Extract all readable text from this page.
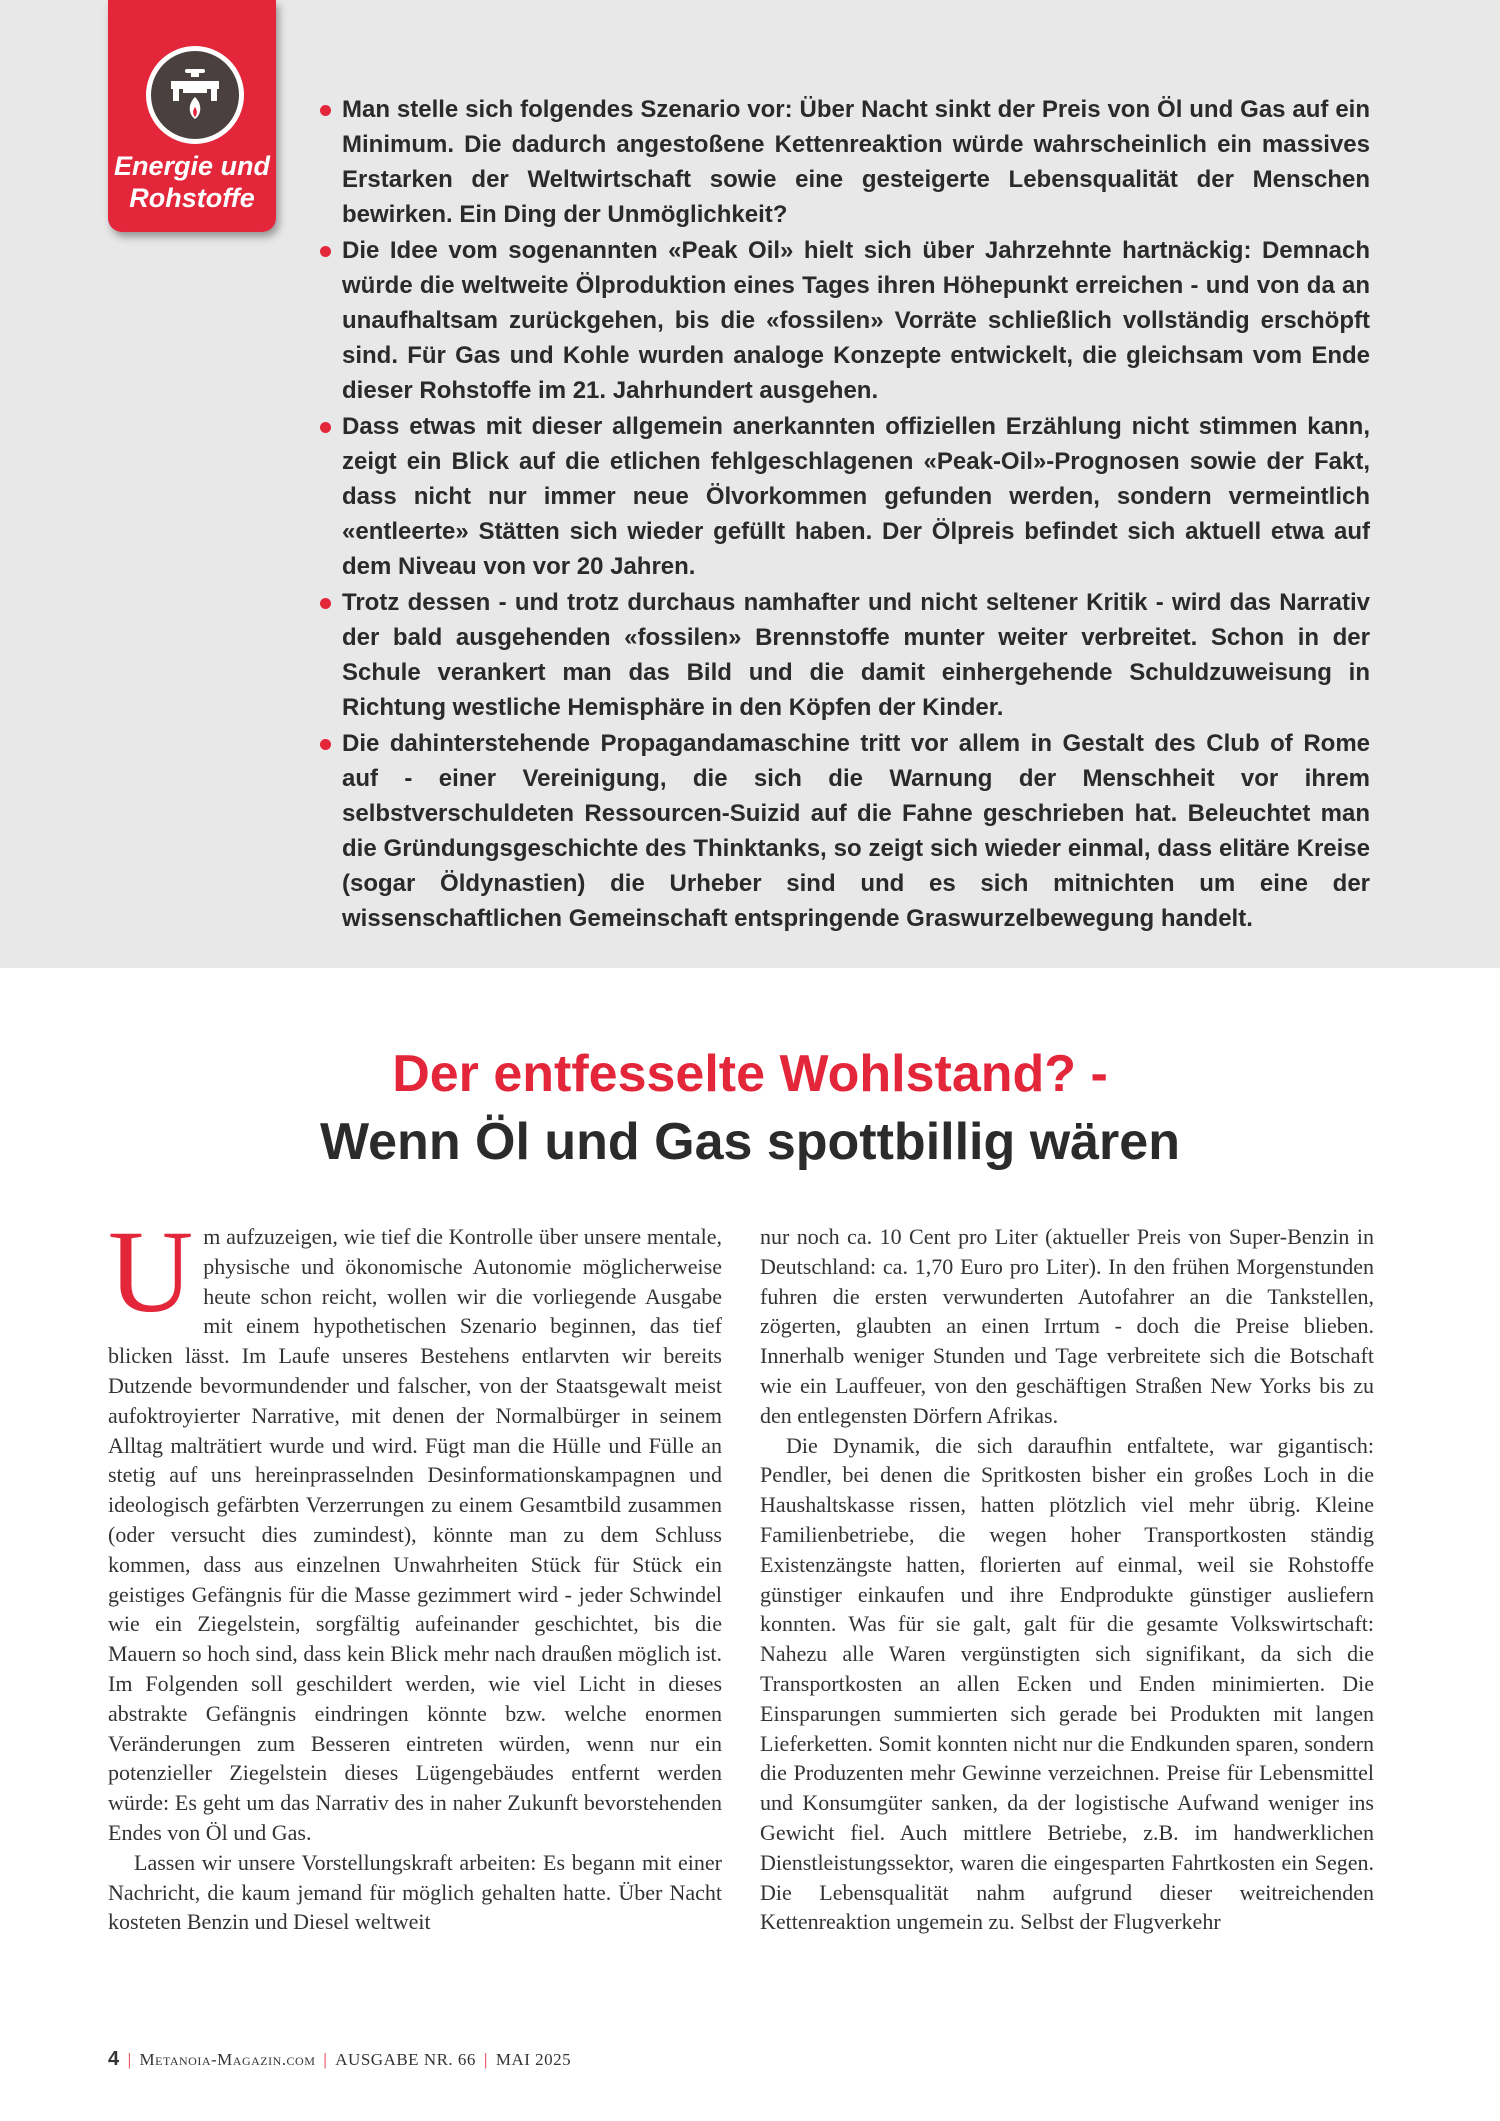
Energie und
Rohstoffe
Man stelle sich folgendes Szenario vor: Über Nacht sinkt der Preis von Öl und Gas auf ein Minimum. Die dadurch angestoßene Kettenreaktion würde wahrscheinlich ein massives Erstarken der Weltwirtschaft sowie eine gesteigerte Lebensqualität der Menschen bewirken. Ein Ding der Unmöglichkeit?
Die Idee vom sogenannten «Peak Oil» hielt sich über Jahrzehnte hartnäckig: Demnach würde die weltweite Ölproduktion eines Tages ihren Höhepunkt erreichen - und von da an unaufhaltsam zurückgehen, bis die «fossilen» Vorräte schließlich vollständig erschöpft sind. Für Gas und Kohle wurden analoge Konzepte entwickelt, die gleichsam vom Ende dieser Rohstoffe im 21. Jahrhundert ausgehen.
Dass etwas mit dieser allgemein anerkannten offiziellen Erzählung nicht stimmen kann, zeigt ein Blick auf die etlichen fehlgeschlagenen «Peak-Oil»-Prognosen sowie der Fakt, dass nicht nur immer neue Ölvorkommen gefunden werden, sondern vermeintlich «entleerte» Stätten sich wieder gefüllt haben. Der Ölpreis befindet sich aktuell etwa auf dem Niveau von vor 20 Jahren.
Trotz dessen - und trotz durchaus namhafter und nicht seltener Kritik - wird das Narrativ der bald ausgehenden «fossilen» Brennstoffe munter weiter verbreitet. Schon in der Schule verankert man das Bild und die damit einhergehende Schuldzuweisung in Richtung westliche Hemisphäre in den Köpfen der Kinder.
Die dahinterstehende Propagandamaschine tritt vor allem in Gestalt des Club of Rome auf - einer Vereinigung, die sich die Warnung der Menschheit vor ihrem selbstverschuldeten Ressourcen-Suizid auf die Fahne geschrieben hat. Beleuchtet man die Gründungsgeschichte des Thinktanks, so zeigt sich wieder einmal, dass elitäre Kreise (sogar Öldynastien) die Urheber sind und es sich mitnichten um eine der wissenschaftlichen Gemeinschaft entspringende Graswurzelbewegung handelt.
Der entfesselte Wohlstand? -
Wenn Öl und Gas spottbillig wären

Um aufzuzeigen, wie tief die Kontrolle über unsere mentale, physische und ökonomische Autonomie möglicherweise heute schon reicht, wollen wir die vorliegende Ausgabe mit einem hypothetischen Szenario beginnen, das tief blicken lässt. Im Laufe unseres Bestehens entlarvten wir bereits Dutzende bevormundender und falscher, von der Staatsgewalt meist aufoktroyierter Narrative, mit denen der Normalbürger in seinem Alltag malträtiert wurde und wird. Fügt man die Hülle und Fülle an stetig auf uns hereinprasselnden Desinformationskampagnen und ideologisch gefärbten Verzerrungen zu einem Gesamtbild zusammen (oder versucht dies zumindest), könnte man zu dem Schluss kommen, dass aus einzelnen Unwahrheiten Stück für Stück ein geistiges Gefängnis für die Masse gezimmert wird - jeder Schwindel wie ein Ziegelstein, sorgfältig aufeinander geschichtet, bis die Mauern so hoch sind, dass kein Blick mehr nach draußen möglich ist. Im Folgenden soll geschildert werden, wie viel Licht in dieses abstrakte Gefängnis eindringen könnte bzw. welche enormen Veränderungen zum Besseren eintreten würden, wenn nur ein potenzieller Ziegelstein dieses Lügengebäudes entfernt werden würde: Es geht um das Narrativ des in naher Zukunft bevorstehenden Endes von Öl und Gas.

Lassen wir unsere Vorstellungskraft arbeiten: Es begann mit einer Nachricht, die kaum jemand für möglich gehalten hatte. Über Nacht kosteten Benzin und Diesel weltweit

nur noch ca. 10 Cent pro Liter (aktueller Preis von Super-Benzin in Deutschland: ca. 1,70 Euro pro Liter). In den frühen Morgenstunden fuhren die ersten verwunderten Autofahrer an die Tankstellen, zögerten, glaubten an einen Irrtum - doch die Preise blieben. Innerhalb weniger Stunden und Tage verbreitete sich die Botschaft wie ein Lauffeuer, von den geschäftigen Straßen New Yorks bis zu den entlegensten Dörfern Afrikas.

Die Dynamik, die sich daraufhin entfaltete, war gigantisch: Pendler, bei denen die Spritkosten bisher ein großes Loch in die Haushaltskasse rissen, hatten plötzlich viel mehr übrig. Kleine Familienbetriebe, die wegen hoher Transportkosten ständig Existenzängste hatten, florierten auf einmal, weil sie Rohstoffe günstiger einkaufen und ihre Endprodukte günstiger ausliefern konnten. Was für sie galt, galt für die gesamte Volkswirtschaft: Nahezu alle Waren vergünstigten sich signifikant, da sich die Transportkosten an allen Ecken und Enden minimierten. Die Einsparungen summierten sich gerade bei Produkten mit langen Lieferketten. Somit konnten nicht nur die Endkunden sparen, sondern die Produzenten mehr Gewinne verzeichnen. Preise für Lebensmittel und Konsumgüter sanken, da der logistische Aufwand weniger ins Gewicht fiel. Auch mittlere Betriebe, z.B. im handwerklichen Dienstleistungssektor, waren die eingesparten Fahrtkosten ein Segen. Die Lebensqualität nahm aufgrund dieser weitreichenden Kettenreaktion ungemein zu. Selbst der Flugverkehr

4 | Metanoia-Magazin.com | AUSGABE NR. 66 | MAI 2025
